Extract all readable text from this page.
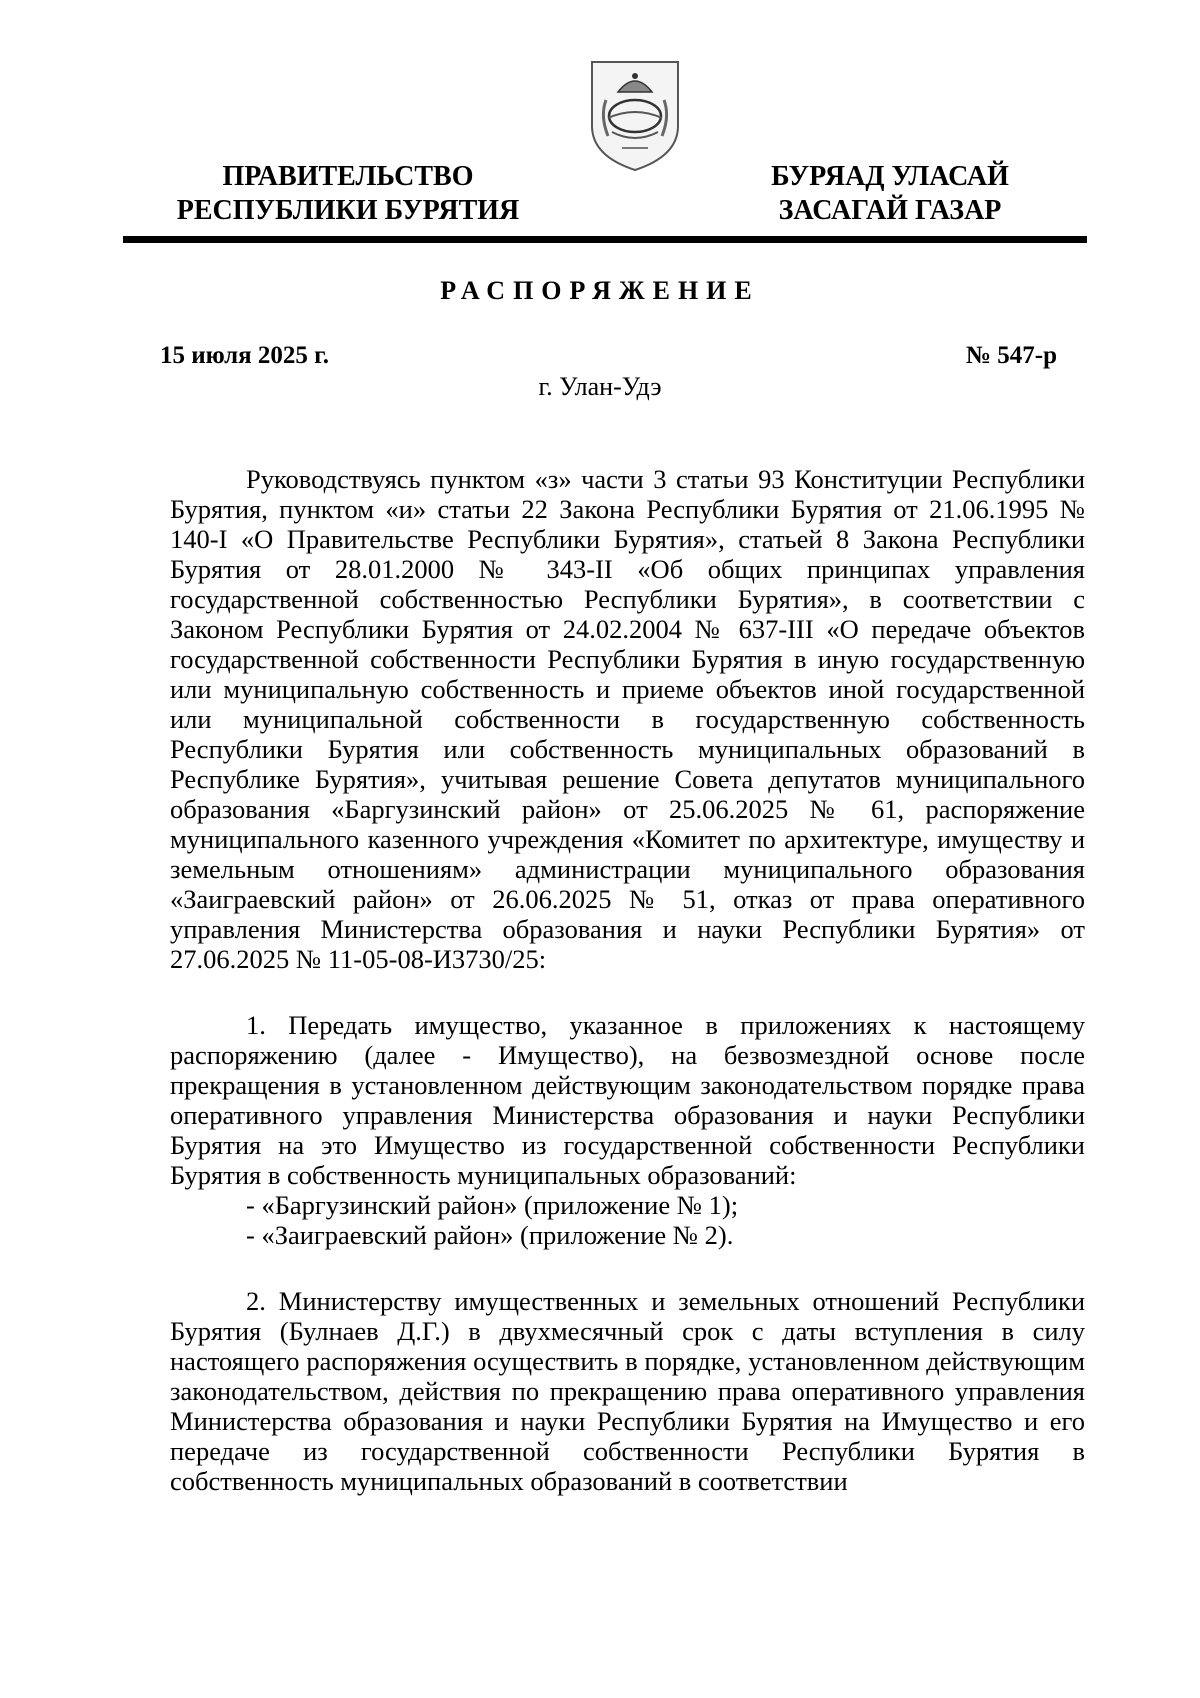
ПРАВИТЕЛЬСТВО
РЕСПУБЛИКИ БУРЯТИЯ
БУРЯАД УЛАСАЙ
ЗАСАГАЙ ГАЗАР
РАСПОРЯЖЕНИЕ
15 июля 2025 г.	№ 547-р
г. Улан-Удэ

Руководствуясь пунктом «з» части 3 статьи 93 Конституции Республики Бурятия, пунктом «и» статьи 22 Закона Республики Бурятия от 21.06.1995 № 140-I «О Правительстве Республики Бурятия», статьей 8 Закона Республики Бурятия от 28.01.2000 № 343-II «Об общих принципах управления государственной собственностью Республики Бурятия», в соответствии с Законом Республики Бурятия от 24.02.2004 № 637-III «О передаче объектов государственной собственности Республики Бурятия в иную государственную или муниципальную собственность и приеме объектов иной государственной или муниципальной собственности в государственную собственность Республики Бурятия или собственность муниципальных образований в Республике Бурятия», учитывая решение Совета депутатов муниципального образования «Баргузинский район» от 25.06.2025 № 61, распоряжение муниципального казенного учреждения «Комитет по архитектуре, имуществу и земельным отношениям» администрации муниципального образования «Заиграевский район» от 26.06.2025 № 51, отказ от права оперативного управления Министерства образования и науки Республики Бурятия» от 27.06.2025 № 11-05-08-И3730/25:

1. Передать имущество, указанное в приложениях к настоящему распоряжению (далее - Имущество), на безвозмездной основе после прекращения в установленном действующим законодательством порядке права оперативного управления Министерства образования и науки Республики Бурятия на это Имущество из государственной собственности Республики Бурятия в собственность муниципальных образований:

- «Баргузинский район» (приложение № 1);

- «Заиграевский район» (приложение № 2).

2. Министерству имущественных и земельных отношений Республики Бурятия (Булнаев Д.Г.) в двухмесячный срок с даты вступления в силу настоящего распоряжения осуществить в порядке, установленном действующим законодательством, действия по прекращению права оперативного управления Министерства образования и науки Республики Бурятия на Имущество и его передаче из государственной собственности Республики Бурятия в собственность муниципальных образований в соответствии
